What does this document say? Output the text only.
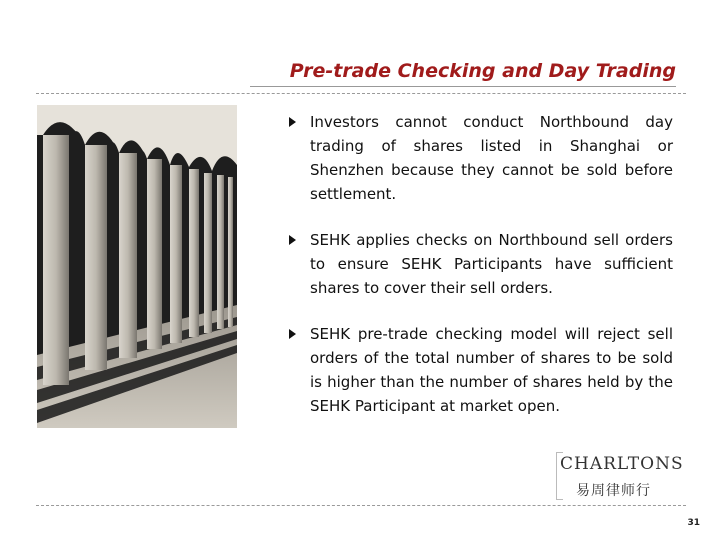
Pre-trade Checking and Day Trading
Investors cannot conduct Northbound day trading of shares listed in Shanghai or Shenzhen because they cannot be sold before settlement.
SEHK applies checks on Northbound sell orders to ensure SEHK Participants have sufficient shares to cover their sell orders.
SEHK pre-trade checking model will reject sell orders of the total number of shares to be sold is higher than the number of shares held by the SEHK Participant at market open.
CHARLTONS
易周律师行
31
